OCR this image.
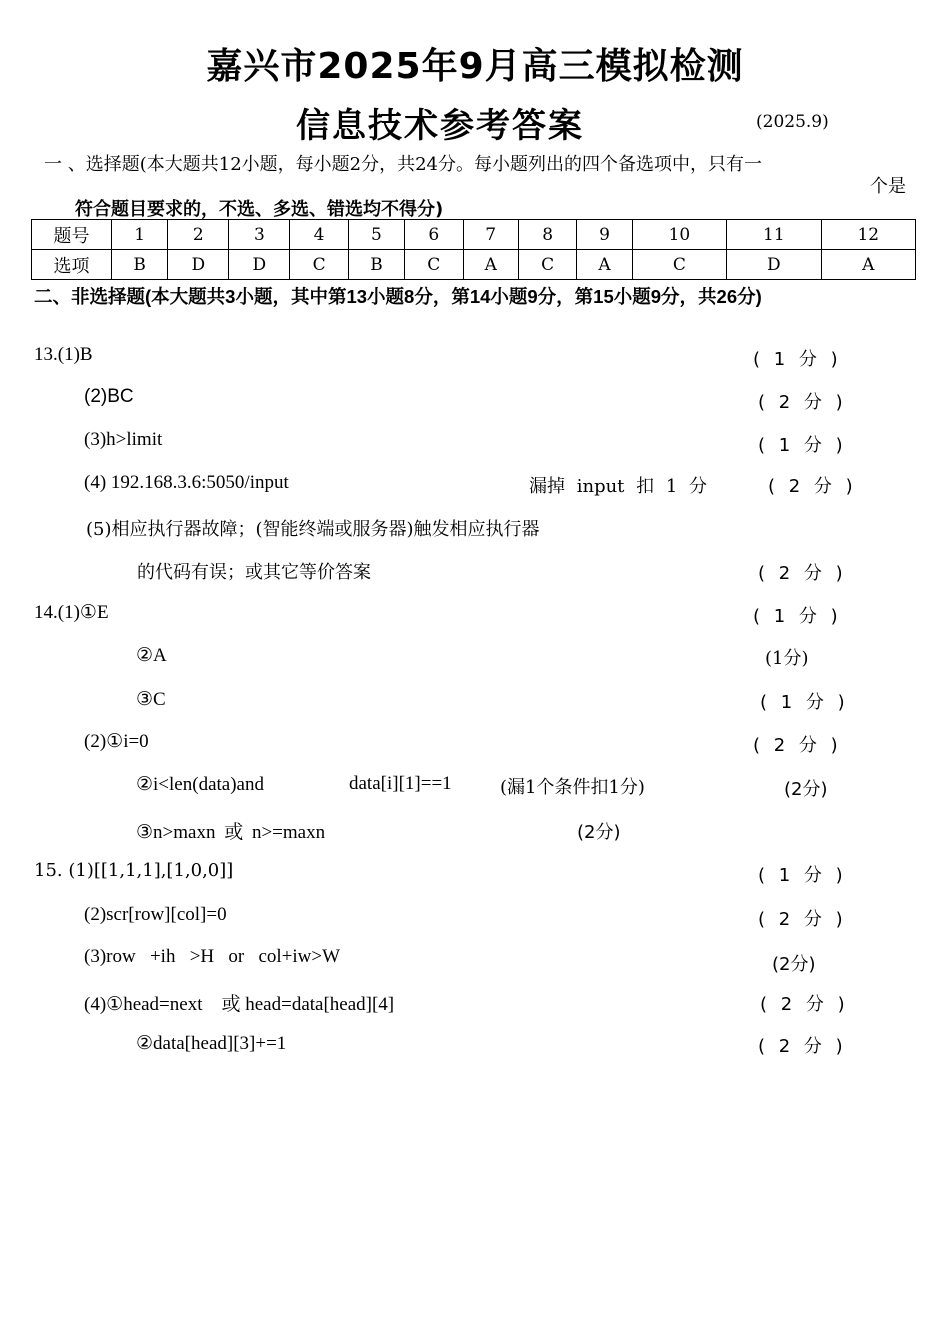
嘉兴市2025年9月高三模拟检测
信息技术参考答案	(2025.9)
一 、选择题(本大题共12小题，每小题2分，共24分。每小题列出的四个备选项中，只有一
个是
符合题目要求的，不选、多选、错选均不得分)
题号	1	2	3	4	5	6	7	8	9	10	11	12
选项	B	D	D	C	B	C	A	C	A	C	D	A
二、非选择题(本大题共3小题，其中第13小题8分，第14小题9分，第15小题9分，共26分)
13.(1)B	( 1 分 )
(2)BC	( 2 分 )
(3)h>limit	( 1 分 )
(4) 192.168.3.6:5050/input	漏掉 input 扣 1 分	( 2 分 )
(5)相应执行器故障；(智能终端或服务器)触发相应执行器
的代码有误；或其它等价答案	( 2 分 )
14.(1)①E	( 1 分 )
②A	(1分)
③C	( 1 分 )
(2)①i=0	( 2 分 )
②i<len(data)and	data[i][1]==1	(漏1个条件扣1分)	(2分)
③n>maxn 或 n>=maxn	(2分)
15. (1)[[1,1,1],[1,0,0]]	( 1 分 )
(2)scr[row][col]=0	( 2 分 )
(3)row   +ih   >H   or   col+iw>W	(2分)
(4)①head=next    或 head=data[head][4]	( 2 分 )
②data[head][3]+=1	( 2 分 )
